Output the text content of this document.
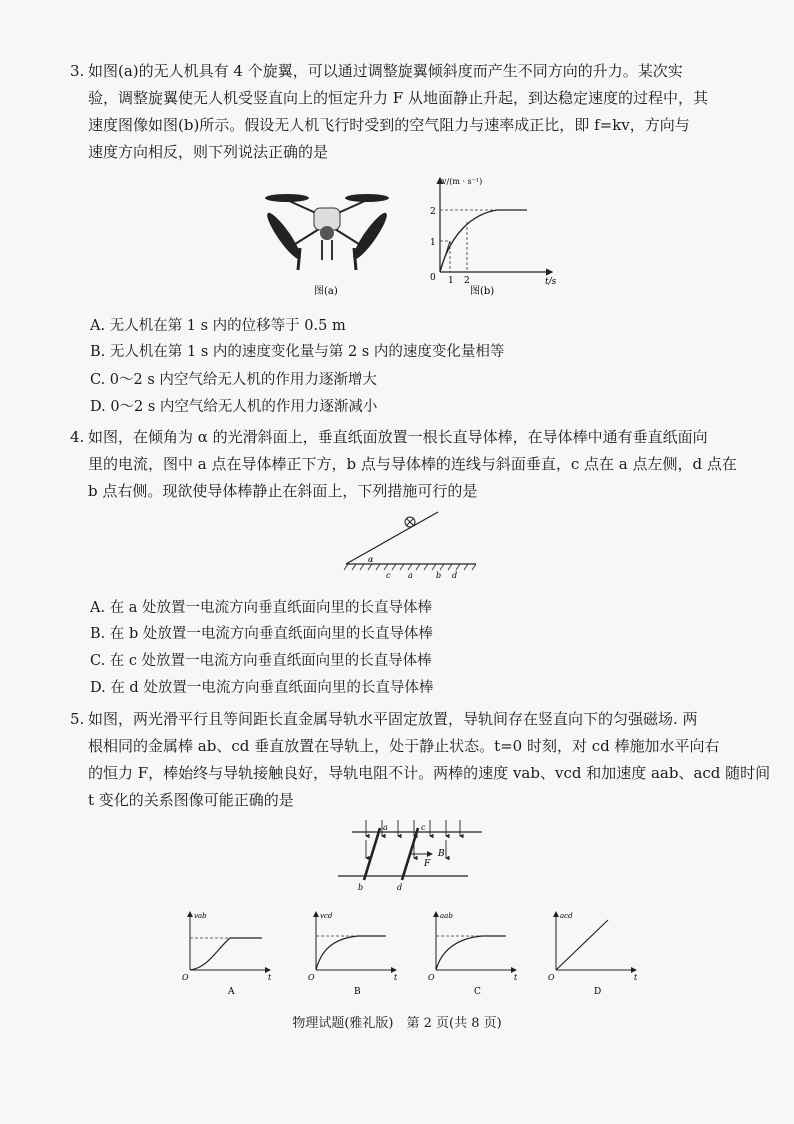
3. 如图(a)的无人机具有 4 个旋翼，可以通过调整旋翼倾斜度而产生不同方向的升力。某次实
验，调整旋翼使无人机受竖直向上的恒定升力 F 从地面静止升起，到达稳定速度的过程中，其
速度图像如图(b)所示。假设无人机飞行时受到的空气阻力与速率成正比，即 f=kv，方向与
速度方向相反，则下列说法正确的是
图(a)
v/(m · s⁻¹)
t/s
2
1
0 1 2
图(b)
A. 无人机在第 1 s 内的位移等于 0.5 m
B. 无人机在第 1 s 内的速度变化量与第 2 s 内的速度变化量相等
C. 0～2 s 内空气给无人机的作用力逐渐增大
D. 0～2 s 内空气给无人机的作用力逐渐减小
4. 如图，在倾角为 α 的光滑斜面上，垂直纸面放置一根长直导体棒，在导体棒中通有垂直纸面向
里的电流，图中 a 点在导体棒正下方，b 点与导体棒的连线与斜面垂直，c 点在 a 点左侧，d 点在
b 点右侧。现欲使导体棒静止在斜面上，下列措施可行的是
α
c a	b d
A. 在 a 处放置一电流方向垂直纸面向里的长直导体棒
B. 在 b 处放置一电流方向垂直纸面向里的长直导体棒
C. 在 c 处放置一电流方向垂直纸面向里的长直导体棒
D. 在 d 处放置一电流方向垂直纸面向里的长直导体棒
5. 如图，两光滑平行且等间距长直金属导轨水平固定放置，导轨间存在竖直向下的匀强磁场. 两
根相同的金属棒 ab、cd 垂直放置在导轨上，处于静止状态。t=0 时刻，对 cd 棒施加水平向右
的恒力 F，棒始终与导轨接触良好，导轨电阻不计。两棒的速度 vab、vcd 和加速度 aab、acd 随时间
t 变化的关系图像可能正确的是
a	c
b	d
B
F
vab
t
O
A
vcd
t
O
B
aab
t
O
C
acd
t
O
D
物理试题(雅礼版)　第 2 页(共 8 页)
